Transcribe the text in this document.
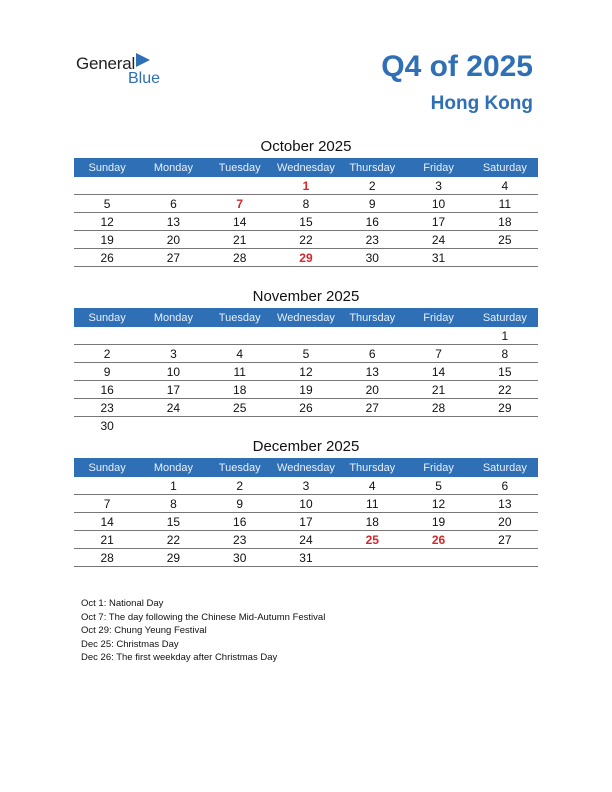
General
Blue	Q4 of 2025
Hong Kong
October 2025
Sunday	Monday	Tuesday	Wednesday	Thursday	Friday	Saturday
			1	2	3	4
5	6	7	8	9	10	11
12	13	14	15	16	17	18
19	20	21	22	23	24	25
26	27	28	29	30	31	
November 2025
Sunday	Monday	Tuesday	Wednesday	Thursday	Friday	Saturday
						1
2	3	4	5	6	7	8
9	10	11	12	13	14	15
16	17	18	19	20	21	22
23	24	25	26	27	28	29
30						
December 2025
Sunday	Monday	Tuesday	Wednesday	Thursday	Friday	Saturday
	1	2	3	4	5	6
7	8	9	10	11	12	13
14	15	16	17	18	19	20
21	22	23	24	25	26	27
28	29	30	31			
Oct 1: National Day
Oct 7: The day following the Chinese Mid-Autumn Festival
Oct 29: Chung Yeung Festival
Dec 25: Christmas Day
Dec 26: The first weekday after Christmas Day
